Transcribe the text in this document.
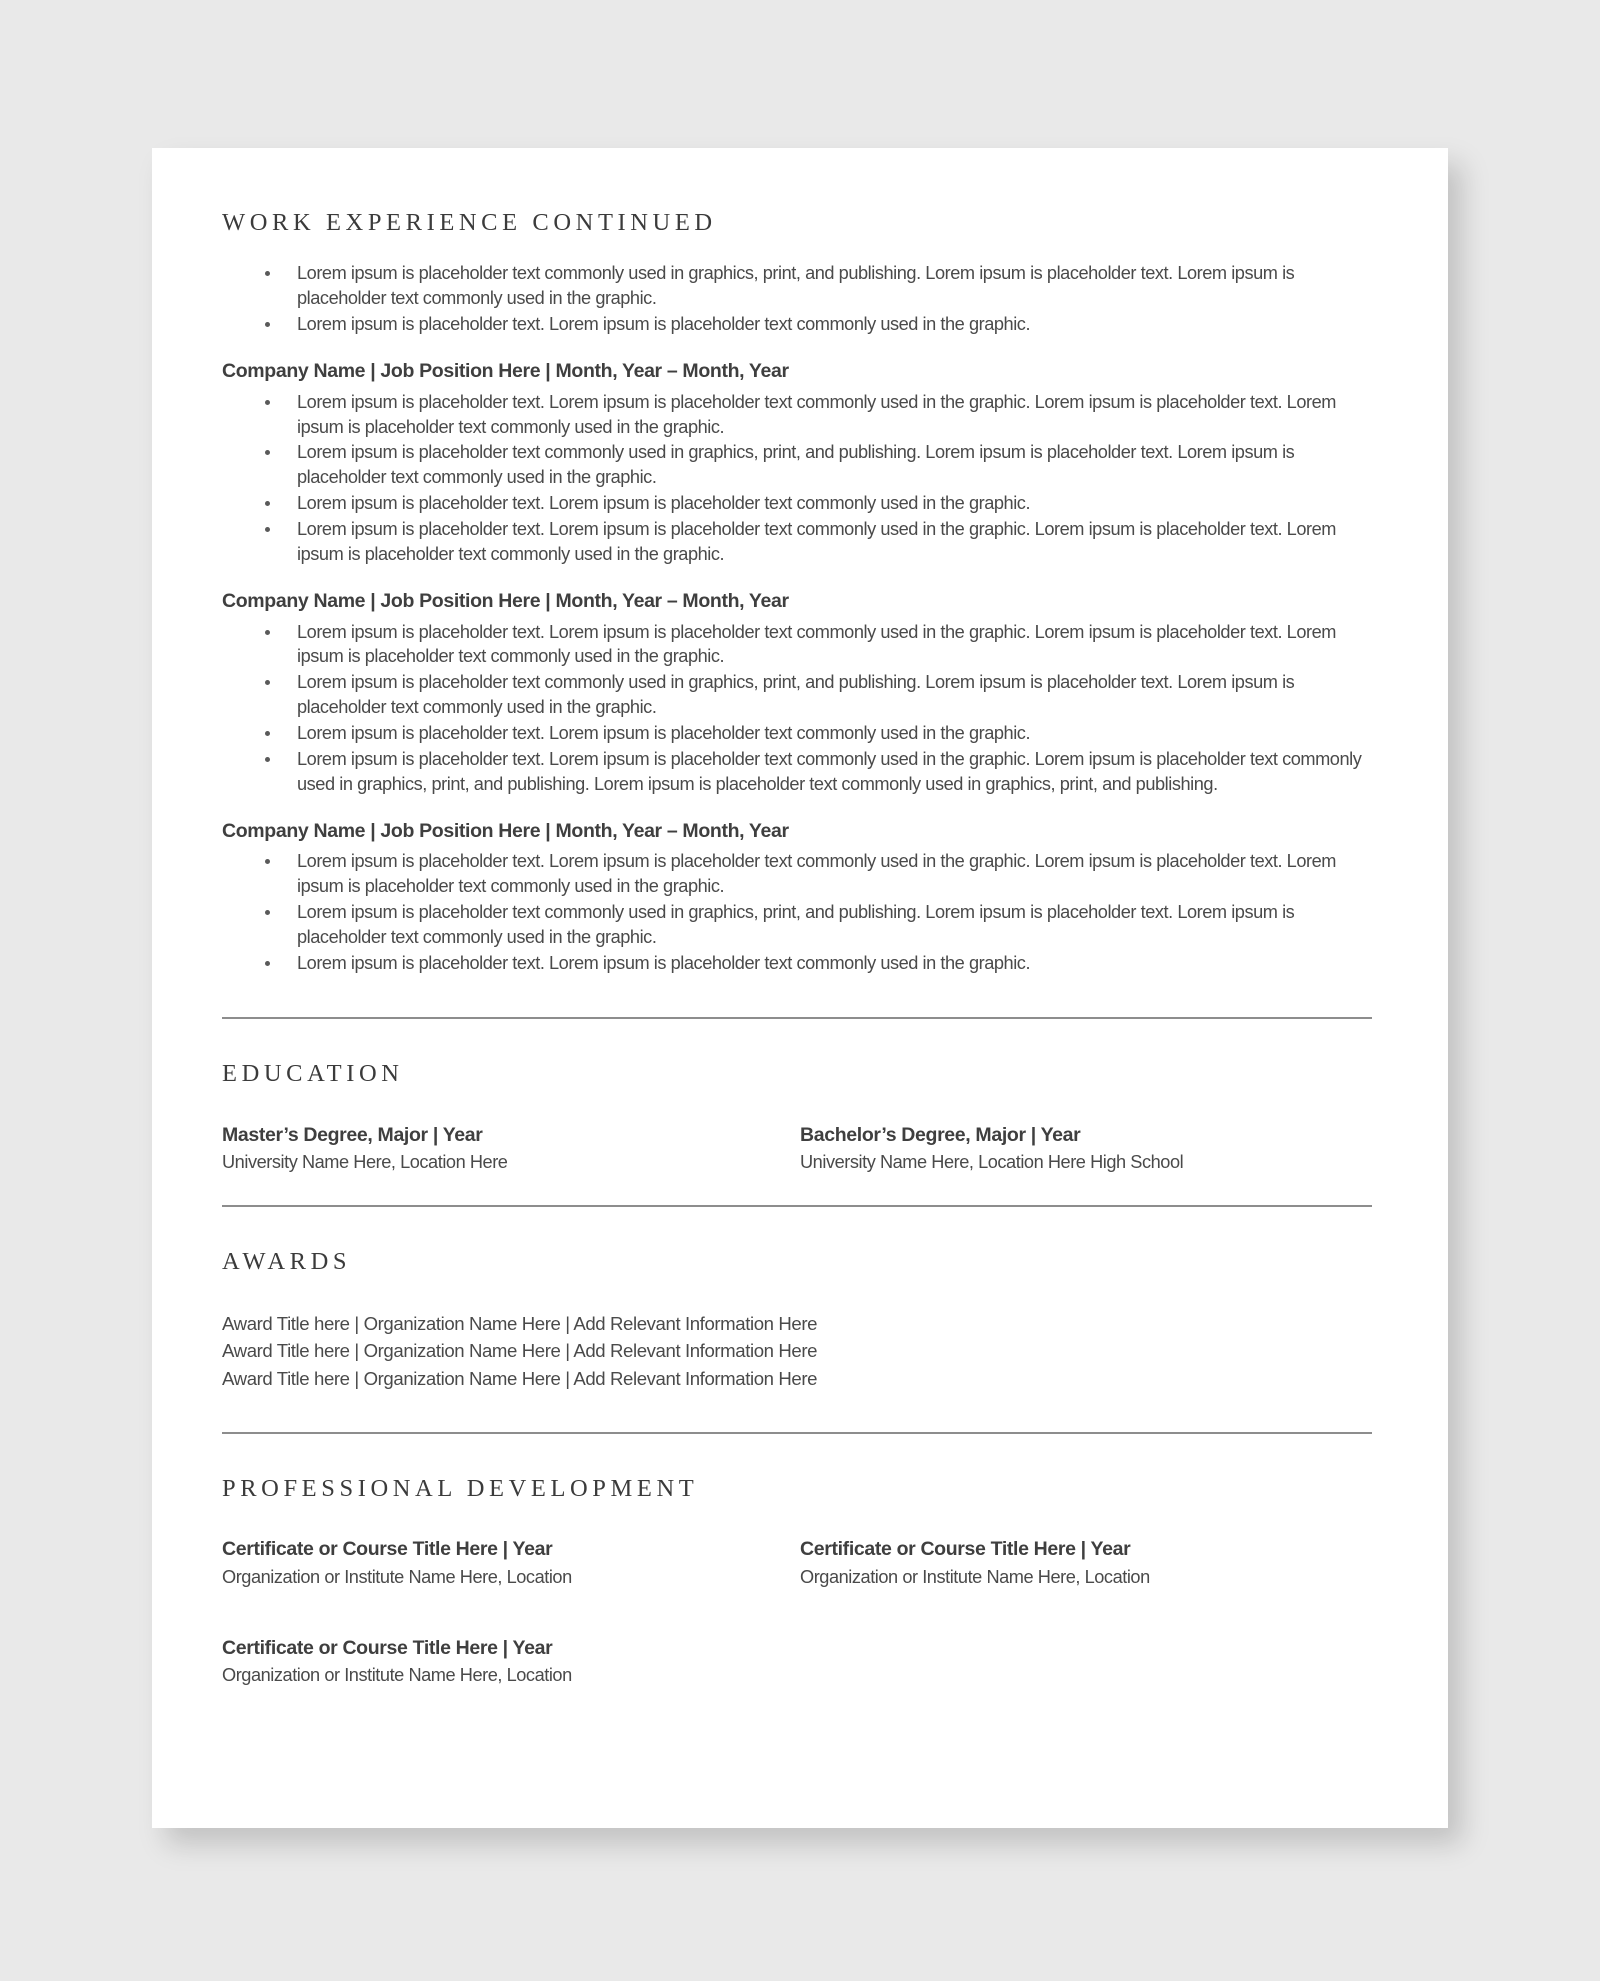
WORK EXPERIENCE CONTINUED
Lorem ipsum is placeholder text commonly used in graphics, print, and publishing. Lorem ipsum is placeholder text. Lorem ipsum is placeholder text commonly used in the graphic.
Lorem ipsum is placeholder text. Lorem ipsum is placeholder text commonly used in the graphic.
Company Name | Job Position Here | Month, Year – Month, Year
Lorem ipsum is placeholder text. Lorem ipsum is placeholder text commonly used in the graphic. Lorem ipsum is placeholder text. Lorem ipsum is placeholder text commonly used in the graphic.
Lorem ipsum is placeholder text commonly used in graphics, print, and publishing. Lorem ipsum is placeholder text. Lorem ipsum is placeholder text commonly used in the graphic.
Lorem ipsum is placeholder text. Lorem ipsum is placeholder text commonly used in the graphic.
Lorem ipsum is placeholder text. Lorem ipsum is placeholder text commonly used in the graphic. Lorem ipsum is placeholder text. Lorem ipsum is placeholder text commonly used in the graphic.
Company Name | Job Position Here | Month, Year – Month, Year
Lorem ipsum is placeholder text. Lorem ipsum is placeholder text commonly used in the graphic. Lorem ipsum is placeholder text. Lorem ipsum is placeholder text commonly used in the graphic.
Lorem ipsum is placeholder text commonly used in graphics, print, and publishing. Lorem ipsum is placeholder text. Lorem ipsum is placeholder text commonly used in the graphic.
Lorem ipsum is placeholder text. Lorem ipsum is placeholder text commonly used in the graphic.
Lorem ipsum is placeholder text. Lorem ipsum is placeholder text commonly used in the graphic. Lorem ipsum is placeholder text commonly used in graphics, print, and publishing. Lorem ipsum is placeholder text commonly used in graphics, print, and publishing.
Company Name | Job Position Here | Month, Year – Month, Year
Lorem ipsum is placeholder text. Lorem ipsum is placeholder text commonly used in the graphic. Lorem ipsum is placeholder text. Lorem ipsum is placeholder text commonly used in the graphic.
Lorem ipsum is placeholder text commonly used in graphics, print, and publishing. Lorem ipsum is placeholder text. Lorem ipsum is placeholder text commonly used in the graphic.
Lorem ipsum is placeholder text. Lorem ipsum is placeholder text commonly used in the graphic.
EDUCATION
Master’s Degree, Major | Year
University Name Here, Location Here
Bachelor’s Degree, Major | Year
University Name Here, Location Here High School
AWARDS
Award Title here | Organization Name Here | Add Relevant Information Here
Award Title here | Organization Name Here | Add Relevant Information Here
Award Title here | Organization Name Here | Add Relevant Information Here
PROFESSIONAL DEVELOPMENT
Certificate or Course Title Here | Year
Organization or Institute Name Here, Location
Certificate or Course Title Here | Year
Organization or Institute Name Here, Location
Certificate or Course Title Here | Year
Organization or Institute Name Here, Location
